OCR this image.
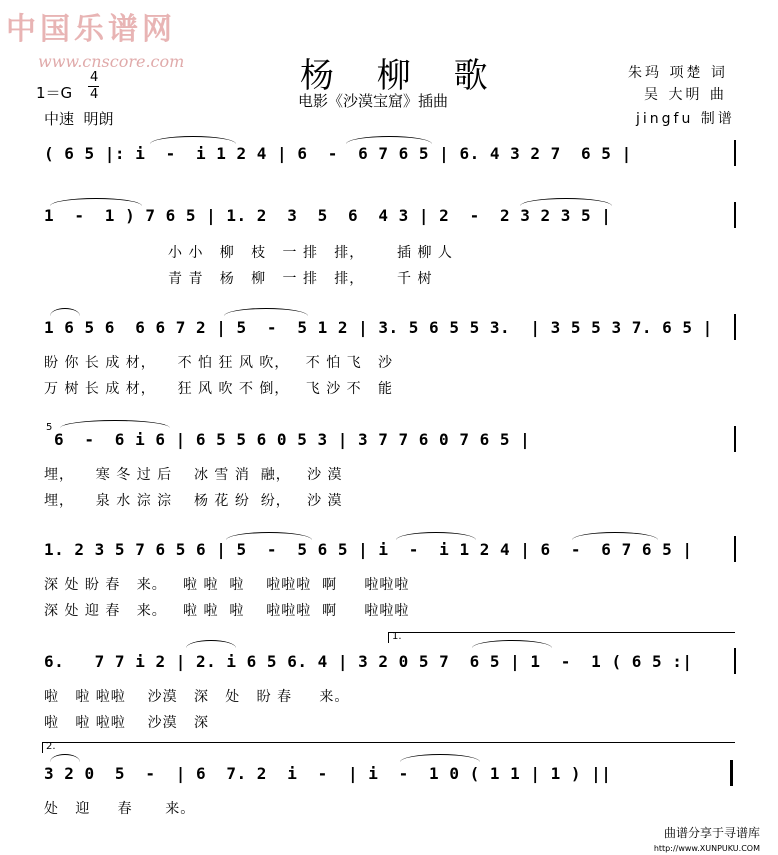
中国乐谱网
www.cnscore.com	杨 柳 歌
电影《沙漠宝窟》插曲
1＝G
4
4
中速  明朗
朱玛 项楚 词
吴 大明 曲
jingfu 制谱
( 6 5 |: i  -  i 1 2 4 | 6  -  6 7 6 5 | 6. 4 3 2 7  6 5 |
1  -  1 ) 7 6 5 | 1. 2  3  5  6  4 3 | 2  -  2 3 2 3 5 |
小 小   柳   枝   一 排   排，      插 柳 人
青 青   杨   柳   一 排   排，      千 树
1 6 5 6  6 6 7 2 | 5  -  5 1 2 | 3. 5 6 5 5 3.  | 3 5 5 3 7. 6 5 |
盼 你 长 成 材，    不 怕 狂 风 吹，   不 怕 飞   沙
万 树 长 成 材，    狂 风 吹 不 倒，   飞 沙 不   能
5
6  -  6 i 6 | 6 5 5 6 0 5 3 | 3 7 7 6 0 7 6 5 |
埋，    寒 冬 过 后    冰 雪 消  融，   沙 漠
埋，    泉 水 淙 淙    杨 花 纷  纷，   沙 漠
1. 2 3 5 7 6 5 6 | 5  -  5 6 5 | i  -  i 1 2 4 | 6  -  6 7 6 5 |
深 处 盼 春   来。   啦 啦  啦    啦啦啦  啊     啦啦啦
深 处 迎 春   来。   啦 啦  啦    啦啦啦  啊     啦啦啦
1.
6.   7 7 i 2 | 2. i 6 5 6. 4 | 3 2 0 5 7  6 5 | 1  -  1 ( 6 5 :|
啦   啦 啦啦    沙漠   深   处   盼 春     来。
啦   啦 啦啦    沙漠   深
2.
3 2 0  5  -  | 6  7. 2  i  -  | i  -  1 0 ( 1 1 | 1 ) ||
处   迎     春      来。
曲谱分享于寻谱库
http://www.XUNPUKU.COM
